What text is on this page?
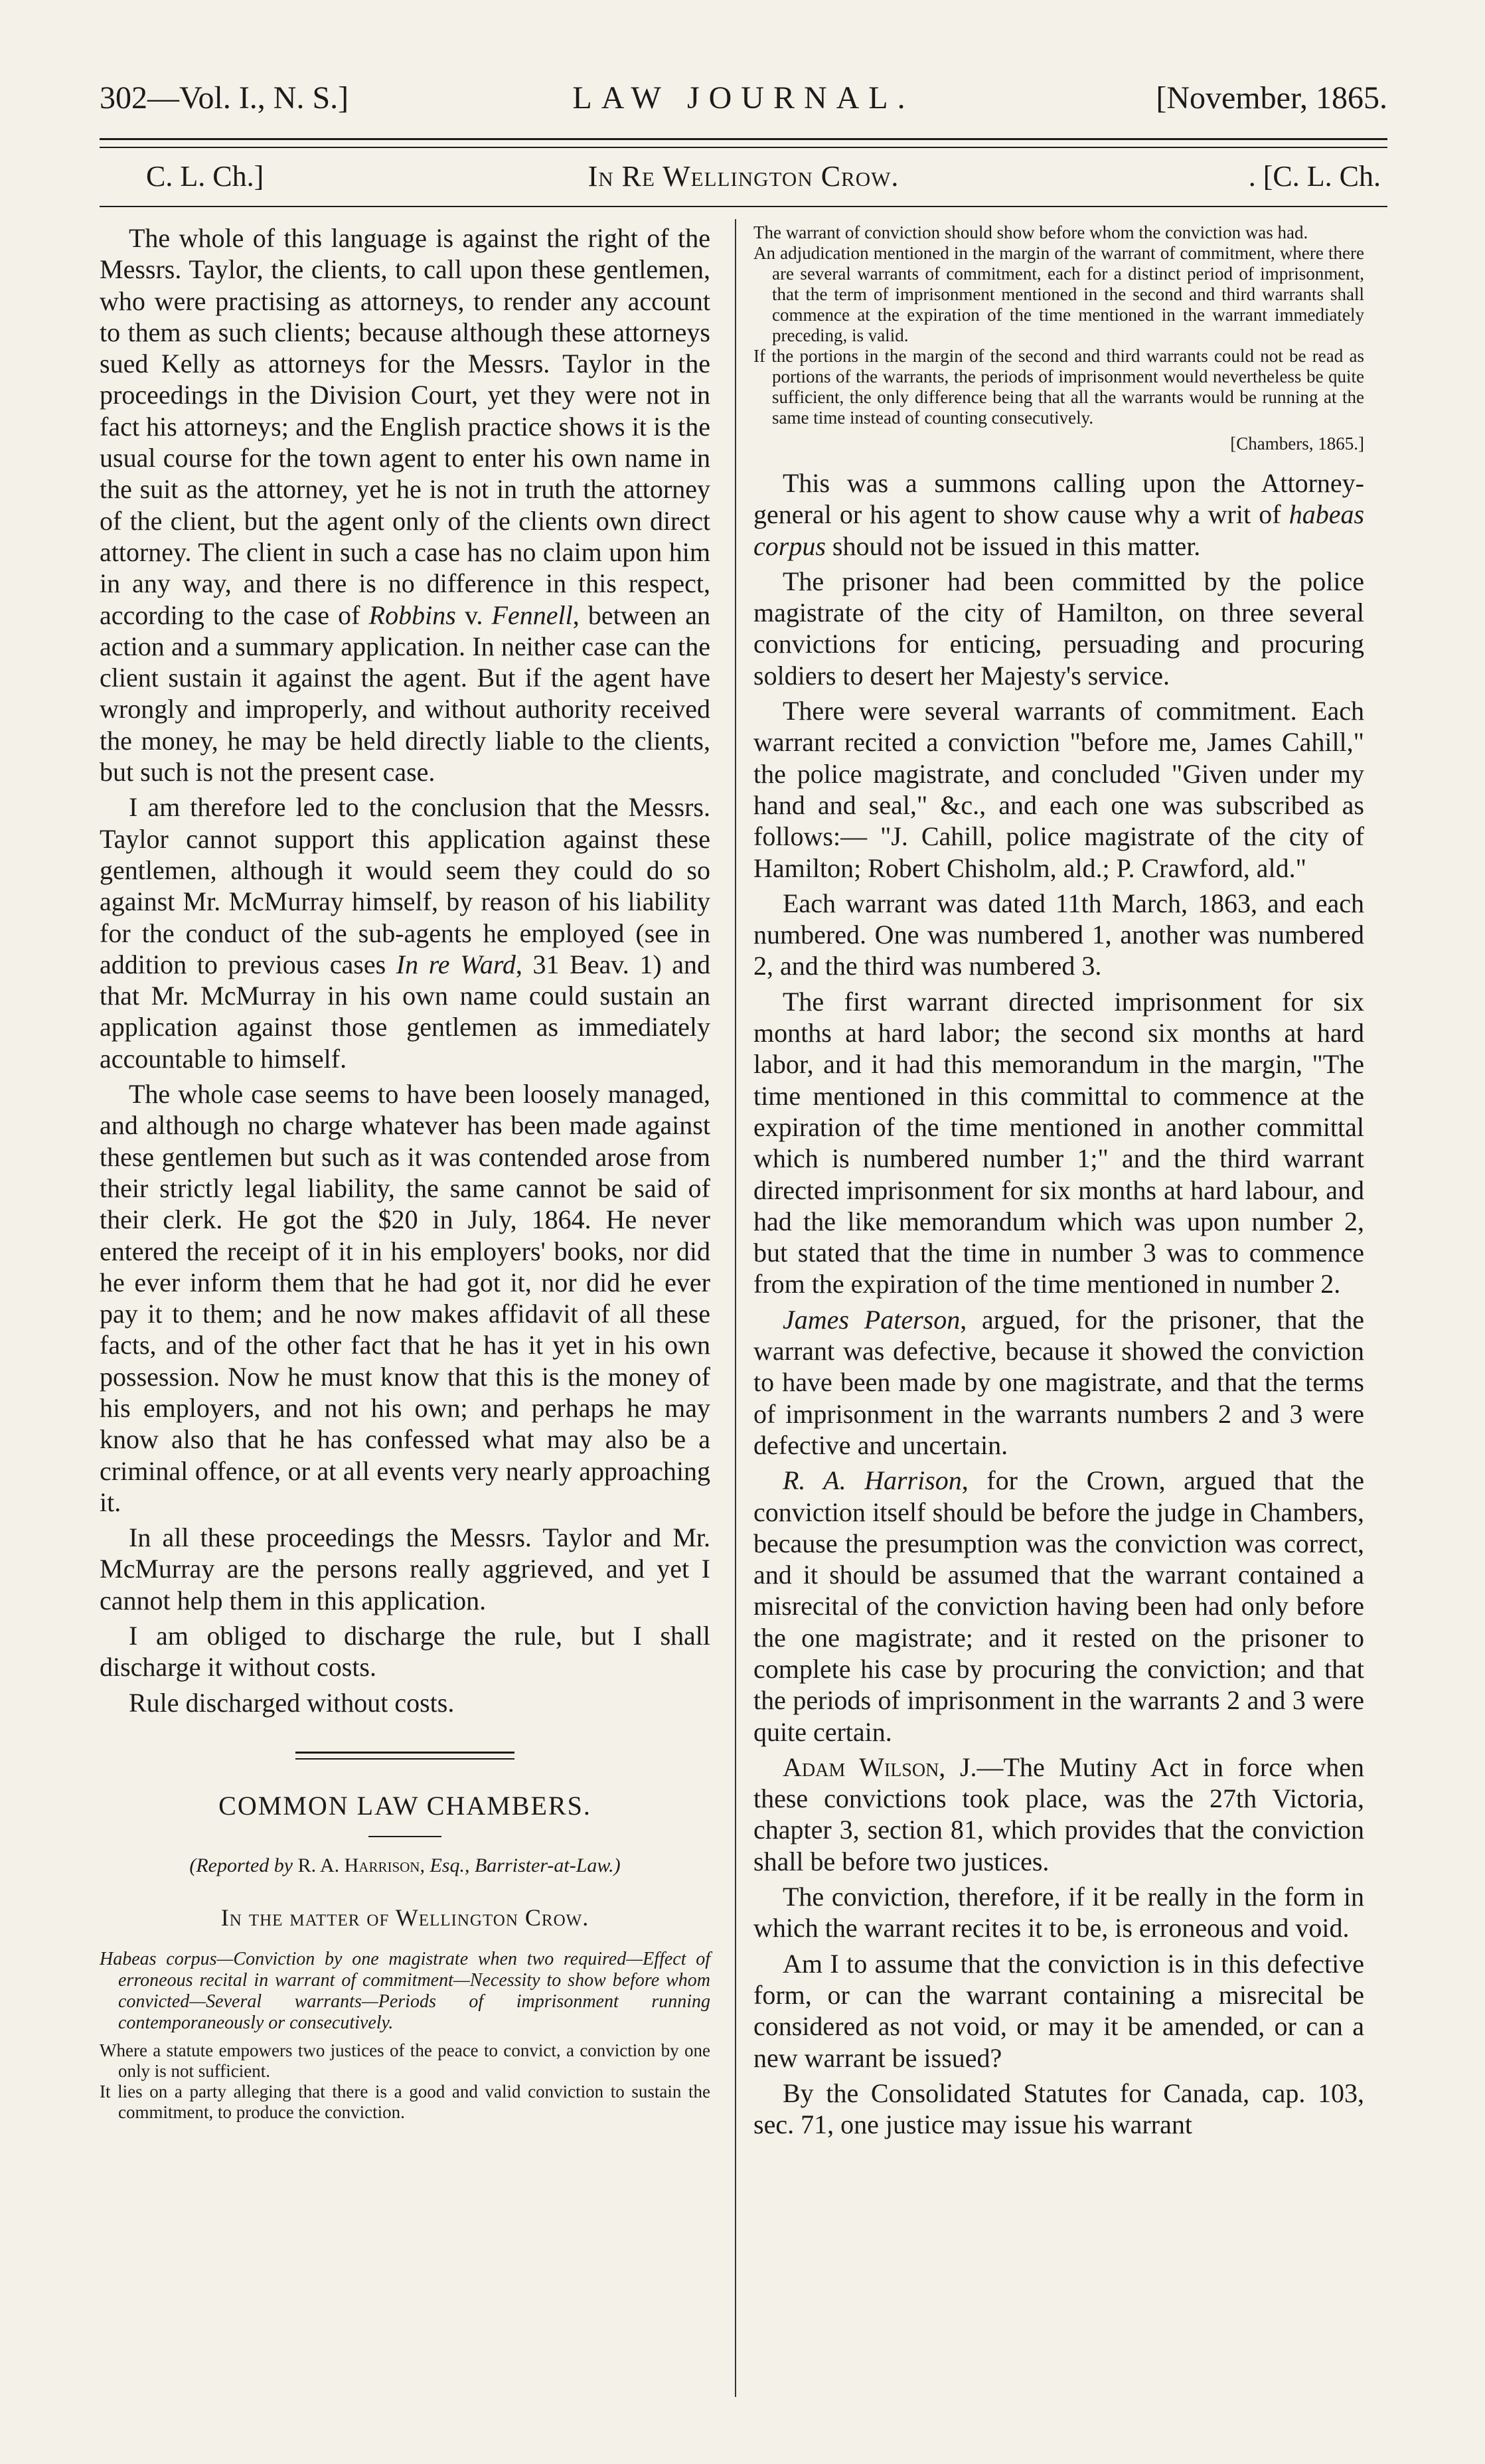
302—Vol. I., N. S.]	LAW JOURNAL.	[November, 1865.
C. L. Ch.]	In Re Wellington Crow.	. [C. L. Ch.

The whole of this language is against the right of the Messrs. Taylor, the clients, to call upon these gentlemen, who were practising as attorneys, to render any account to them as such clients; because although these attorneys sued Kelly as attorneys for the Messrs. Taylor in the proceedings in the Division Court, yet they were not in fact his attorneys; and the English practice shows it is the usual course for the town agent to enter his own name in the suit as the attorney, yet he is not in truth the attorney of the client, but the agent only of the clients own direct attorney. The client in such a case has no claim upon him in any way, and there is no difference in this respect, according to the case of Robbins v. Fennell, between an action and a summary application. In neither case can the client sustain it against the agent. But if the agent have wrongly and improperly, and without authority received the money, he may be held directly liable to the clients, but such is not the present case.

I am therefore led to the conclusion that the Messrs. Taylor cannot support this application against these gentlemen, although it would seem they could do so against Mr. McMurray himself, by reason of his liability for the conduct of the sub-agents he employed (see in addition to previous cases In re Ward, 31 Beav. 1) and that Mr. McMurray in his own name could sustain an application against those gentlemen as immediately accountable to himself.

The whole case seems to have been loosely managed, and although no charge whatever has been made against these gentlemen but such as it was contended arose from their strictly legal liability, the same cannot be said of their clerk. He got the $20 in July, 1864. He never entered the receipt of it in his employers' books, nor did he ever inform them that he had got it, nor did he ever pay it to them; and he now makes affidavit of all these facts, and of the other fact that he has it yet in his own possession. Now he must know that this is the money of his employers, and not his own; and perhaps he may know also that he has confessed what may also be a criminal offence, or at all events very nearly approaching it.

In all these proceedings the Messrs. Taylor and Mr. McMurray are the persons really aggrieved, and yet I cannot help them in this application.

I am obliged to discharge the rule, but I shall discharge it without costs.

Rule discharged without costs.

COMMON LAW CHAMBERS.
(Reported by R. A. Harrison, Esq., Barrister-at-Law.)
In the matter of Wellington Crow.

Habeas corpus—Conviction by one magistrate when two required—Effect of erroneous recital in warrant of commitment—Necessity to show before whom convicted—Several warrants—Periods of imprisonment running contemporaneously or consecutively.

Where a statute empowers two justices of the peace to convict, a conviction by one only is not sufficient.

It lies on a party alleging that there is a good and valid conviction to sustain the commitment, to produce the conviction.

The warrant of conviction should show before whom the conviction was had.

An adjudication mentioned in the margin of the warrant of commitment, where there are several warrants of commitment, each for a distinct period of imprisonment, that the term of imprisonment mentioned in the second and third warrants shall commence at the expiration of the time mentioned in the warrant immediately preceding, is valid.

If the portions in the margin of the second and third warrants could not be read as portions of the warrants, the periods of imprisonment would nevertheless be quite sufficient, the only difference being that all the warrants would be running at the same time instead of counting consecutively.

[Chambers, 1865.]

This was a summons calling upon the Attorney-general or his agent to show cause why a writ of habeas corpus should not be issued in this matter.

The prisoner had been committed by the police magistrate of the city of Hamilton, on three several convictions for enticing, persuading and procuring soldiers to desert her Majesty's service.

There were several warrants of commitment. Each warrant recited a conviction "before me, James Cahill," the police magistrate, and concluded "Given under my hand and seal," &c., and each one was subscribed as follows:— "J. Cahill, police magistrate of the city of Hamilton; Robert Chisholm, ald.; P. Crawford, ald."

Each warrant was dated 11th March, 1863, and each numbered. One was numbered 1, another was numbered 2, and the third was numbered 3.

The first warrant directed imprisonment for six months at hard labor; the second six months at hard labor, and it had this memorandum in the margin, "The time mentioned in this committal to commence at the expiration of the time mentioned in another committal which is numbered number 1;" and the third warrant directed imprisonment for six months at hard labour, and had the like memorandum which was upon number 2, but stated that the time in number 3 was to commence from the expiration of the time mentioned in number 2.

James Paterson, argued, for the prisoner, that the warrant was defective, because it showed the conviction to have been made by one magistrate, and that the terms of imprisonment in the warrants numbers 2 and 3 were defective and uncertain.

R. A. Harrison, for the Crown, argued that the conviction itself should be before the judge in Chambers, because the presumption was the conviction was correct, and it should be assumed that the warrant contained a misrecital of the conviction having been had only before the one magistrate; and it rested on the prisoner to complete his case by procuring the conviction; and that the periods of imprisonment in the warrants 2 and 3 were quite certain.

Adam Wilson, J.—The Mutiny Act in force when these convictions took place, was the 27th Victoria, chapter 3, section 81, which provides that the conviction shall be before two justices.

The conviction, therefore, if it be really in the form in which the warrant recites it to be, is erroneous and void.

Am I to assume that the conviction is in this defective form, or can the warrant containing a misrecital be considered as not void, or may it be amended, or can a new warrant be issued?

By the Consolidated Statutes for Canada, cap. 103, sec. 71, one justice may issue his warrant
